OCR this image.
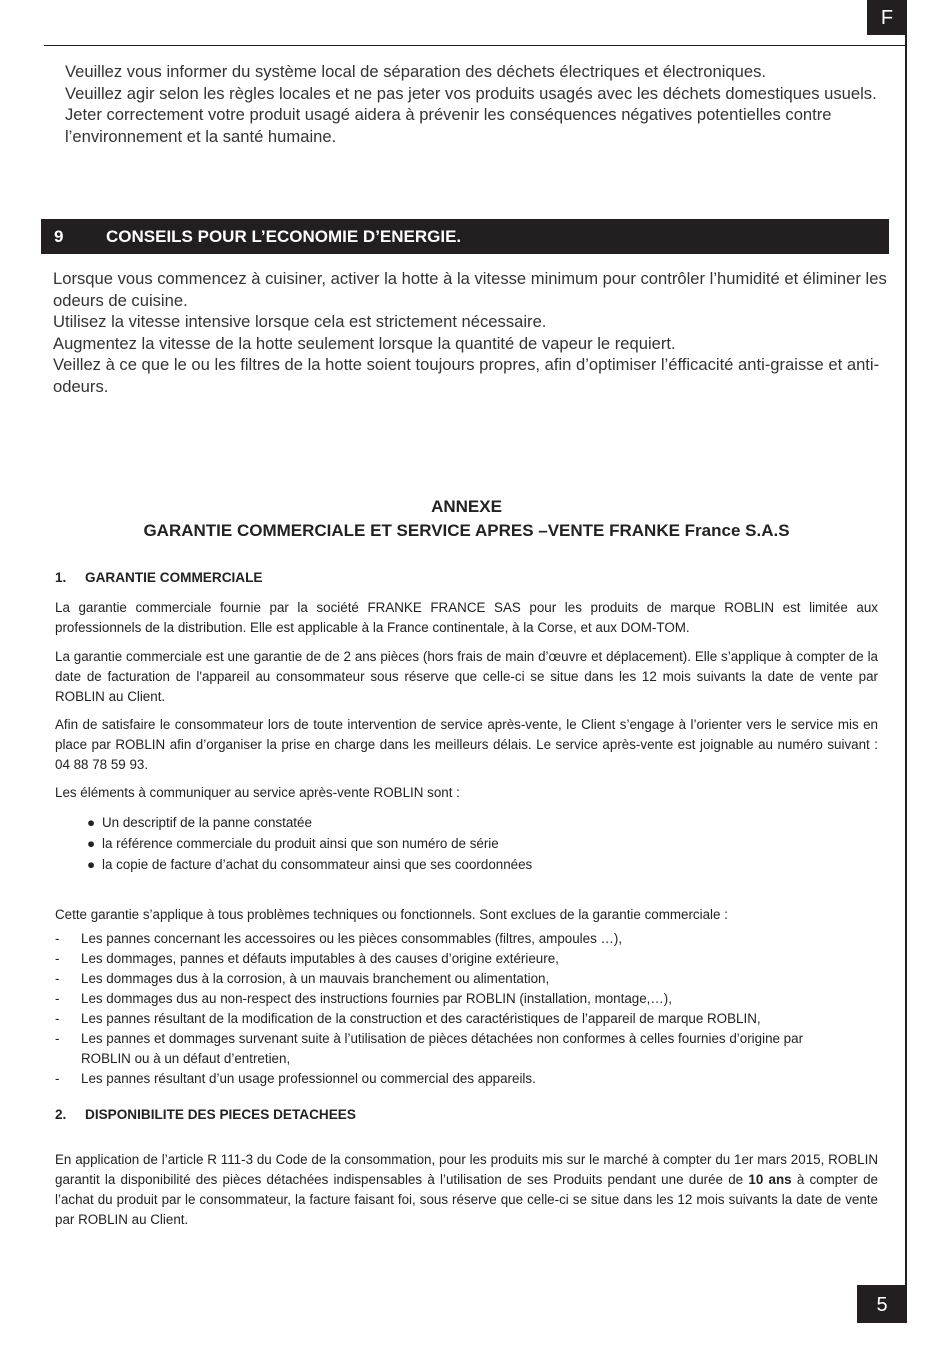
F

Veuillez vous informer du système local de séparation des déchets électriques et électroniques.

Veuillez agir selon les règles locales et ne pas jeter vos produits usagés avec les déchets domestiques usuels. Jeter correctement votre produit usagé aidera à prévenir les conséquences négatives potentielles contre l’environnement et la santé humaine.

9	CONSEILS POUR L’ECONOMIE D’ENERGIE.

Lorsque vous commencez à cuisiner, activer la hotte à la vitesse minimum pour contrôler l’humidité et éliminer les odeurs de cuisine.

Utilisez la vitesse intensive lorsque cela est strictement nécessaire.

Augmentez la vitesse de la hotte seulement lorsque la quantité de vapeur le requiert.

Veillez à ce que le ou les filtres de la hotte soient toujours propres, afin d’optimiser l’éfficacité anti-graisse et anti-odeurs.

ANNEXE
GARANTIE COMMERCIALE ET SERVICE APRES –VENTE FRANKE France S.A.S

1. GARANTIE COMMERCIALE

La garantie commerciale fournie par la société FRANKE FRANCE SAS pour les produits de marque ROBLIN est limitée aux professionnels de la distribution. Elle est applicable à la France continentale, à la Corse, et aux DOM-TOM.

La garantie commerciale est une garantie de de 2 ans pièces (hors frais de main d’œuvre et déplacement). Elle s’applique à compter de la date de facturation de l'appareil au consommateur sous réserve que celle-ci se situe dans les 12 mois suivants la date de vente par ROBLIN au Client.

Afin de satisfaire le consommateur lors de toute intervention de service après-vente, le Client s’engage à l’orienter vers le service mis en place par ROBLIN afin d’organiser la prise en charge dans les meilleurs délais. Le service après-vente est joignable au numéro suivant : 04 88 78 59 93.

Les éléments à communiquer au service après-vente ROBLIN sont :

● Un descriptif de la panne constatée
● la référence commerciale du produit ainsi que son numéro de série
● la copie de facture d’achat du consommateur ainsi que ses coordonnées

Cette garantie s’applique à tous problèmes techniques ou fonctionnels. Sont exclues de la garantie commerciale :

- Les pannes concernant les accessoires ou les pièces consommables (filtres, ampoules …),
- Les dommages, pannes et défauts imputables à des causes d’origine extérieure,
- Les dommages dus à la corrosion, à un mauvais branchement ou alimentation,
- Les dommages dus au non-respect des instructions fournies par ROBLIN (installation, montage,…),
- Les pannes résultant de la modification de la construction et des caractéristiques de l’appareil de marque ROBLIN,
- Les pannes et dommages survenant suite à l’utilisation de pièces détachées non conformes à celles fournies d’origine par ROBLIN ou à un défaut d’entretien,
- Les pannes résultant d’un usage professionnel ou commercial des appareils.

2. DISPONIBILITE DES PIECES DETACHEES

En application de l’article R 111-3 du Code de la consommation, pour les produits mis sur le marché à compter du 1er mars 2015, ROBLIN garantit la disponibilité des pièces détachées indispensables à l’utilisation de ses Produits pendant une durée de 10 ans à compter de l’achat du produit par le consommateur, la facture faisant foi, sous réserve que celle-ci se situe dans les 12 mois suivants la date de vente par ROBLIN au Client.

5
